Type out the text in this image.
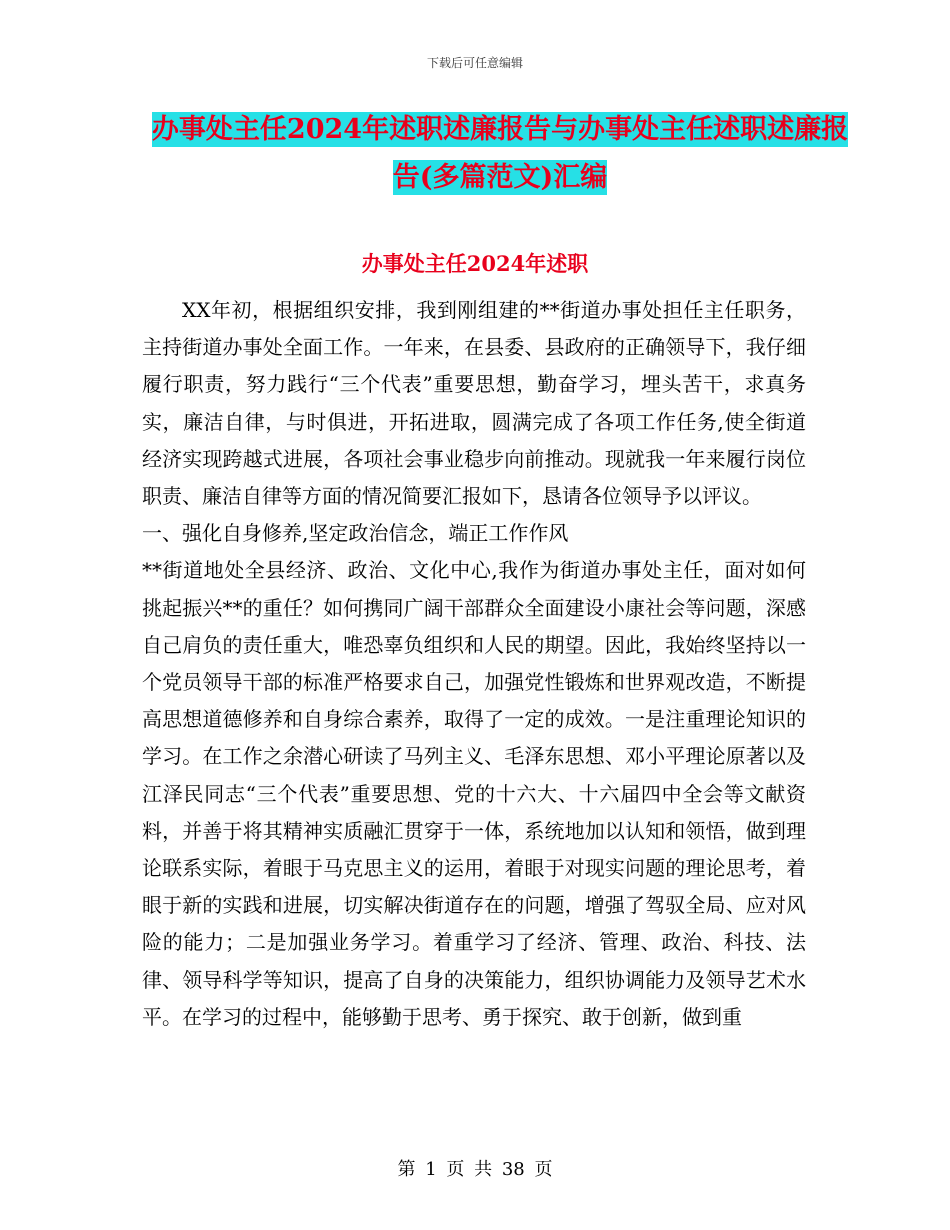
下载后可任意编辑
办事处主任2024年述职述廉报告与办事处主任述职述廉报告(多篇范文)汇编
办事处主任2024年述职

XX年初，根据组织安排，我到刚组建的**街道办事处担任主任职务，主持街道办事处全面工作。一年来，在县委、县政府的正确领导下，我仔细履行职责，努力践行“三个代表”重要思想，勤奋学习，埋头苦干，求真务实，廉洁自律，与时俱进，开拓进取，圆满完成了各项工作任务,使全街道经济实现跨越式进展，各项社会事业稳步向前推动。现就我一年来履行岗位职责、廉洁自律等方面的情况简要汇报如下，恳请各位领导予以评议。

一、强化自身修养,坚定政治信念，端正工作作风

**街道地处全县经济、政治、文化中心,我作为街道办事处主任，面对如何挑起振兴**的重任？如何携同广阔干部群众全面建设小康社会等问题，深感自己肩负的责任重大，唯恐辜负组织和人民的期望。因此，我始终坚持以一个党员领导干部的标准严格要求自己，加强党性锻炼和世界观改造，不断提高思想道德修养和自身综合素养，取得了一定的成效。一是注重理论知识的学习。在工作之余潜心研读了马列主义、毛泽东思想、邓小平理论原著以及江泽民同志“三个代表”重要思想、党的十六大、十六届四中全会等文献资料，并善于将其精神实质融汇贯穿于一体，系统地加以认知和领悟，做到理论联系实际，着眼于马克思主义的运用，着眼于对现实问题的理论思考，着眼于新的实践和进展，切实解决街道存在的问题，增强了驾驭全局、应对风险的能力；二是加强业务学习。着重学习了经济、管理、政治、科技、法律、领导科学等知识，提高了自身的决策能力，组织协调能力及领导艺术水平。在学习的过程中，能够勤于思考、勇于探究、敢于创新，做到重

第 1 页 共 38 页
